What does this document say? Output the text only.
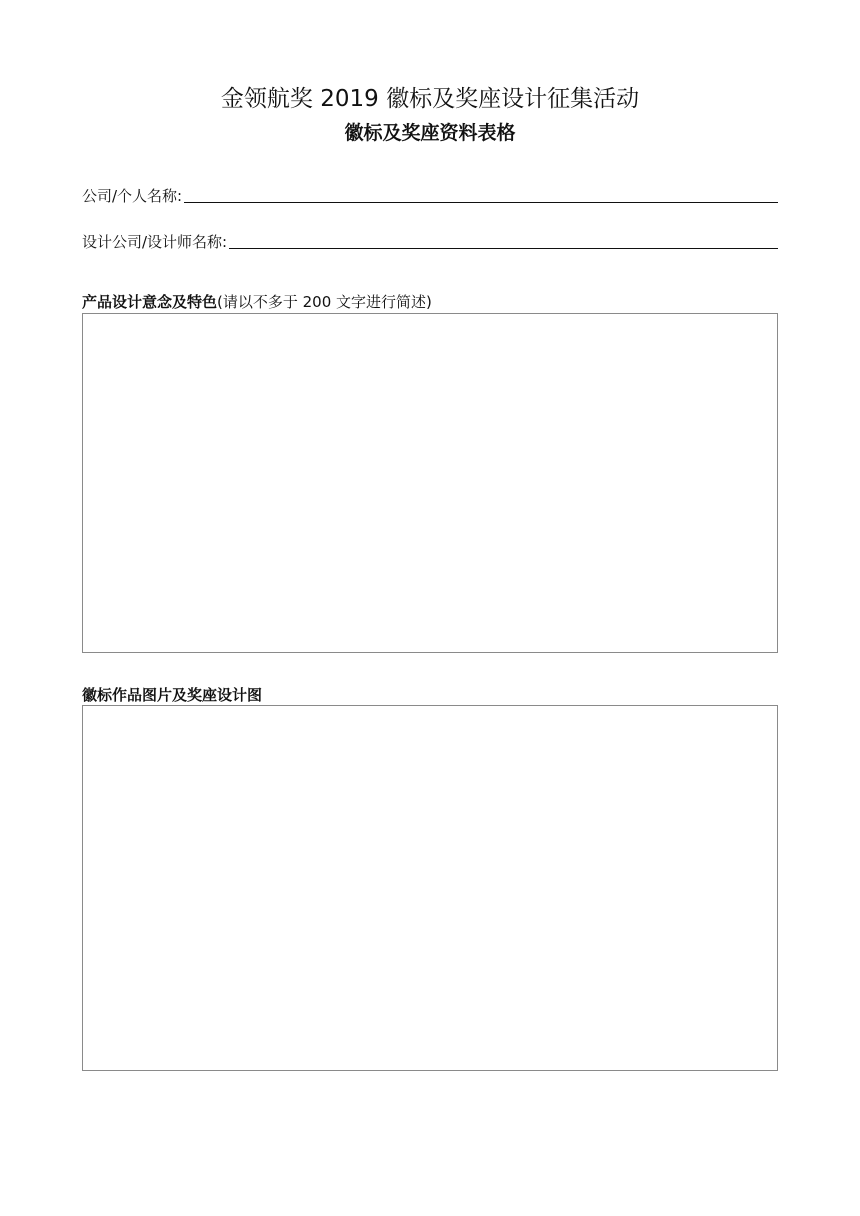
金领航奖 2019 徽标及奖座设计征集活动
徽标及奖座资料表格
公司/个人名称:
设计公司/设计师名称:
产品设计意念及特色(请以不多于 200 文字进行简述)
徽标作品图片及奖座设计图
